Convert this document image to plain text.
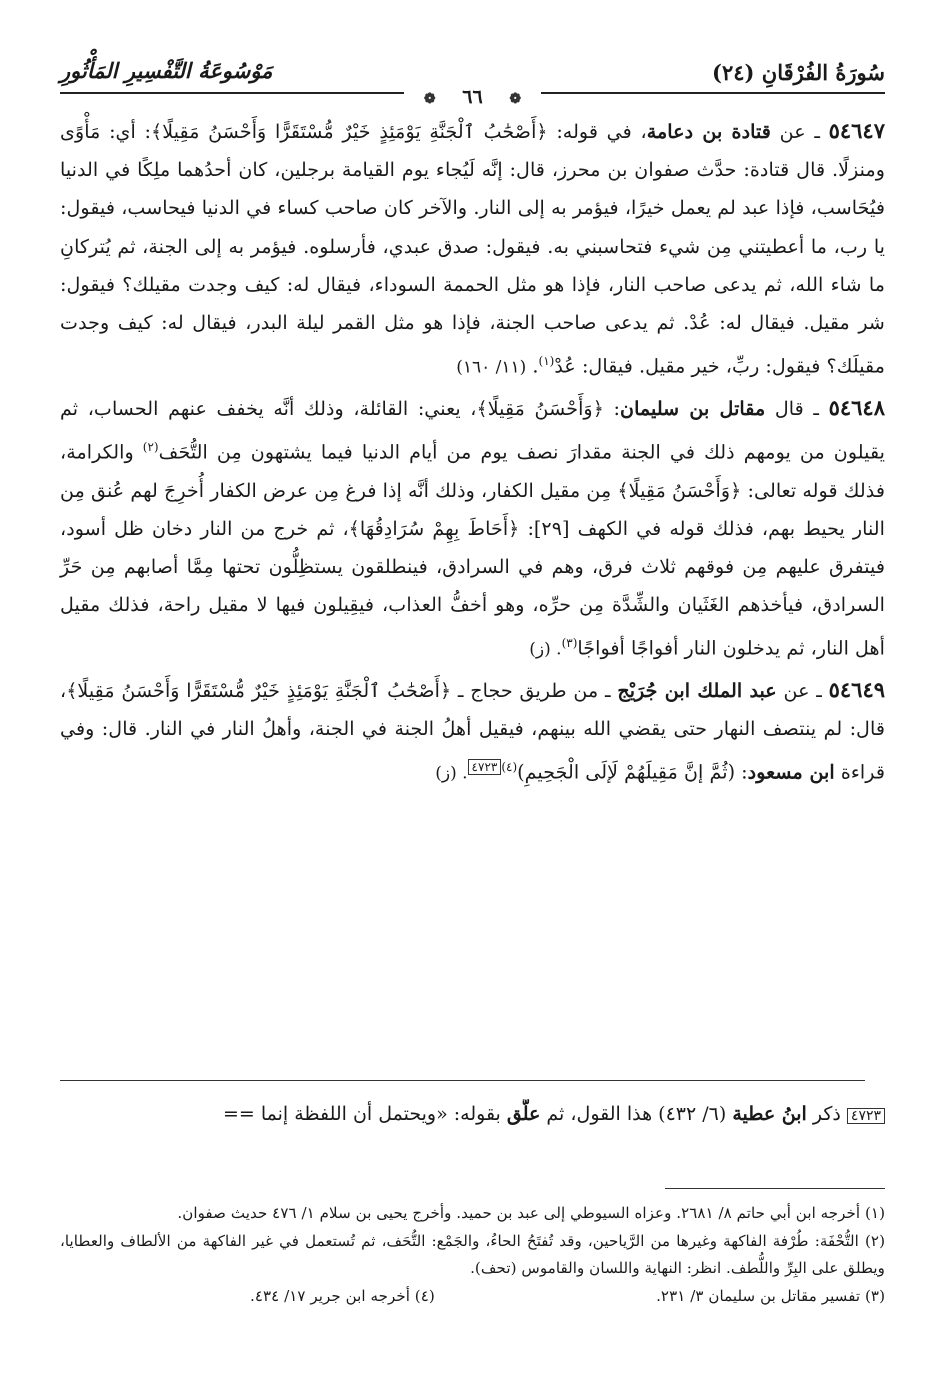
سُورَةُ الفُرْقَانِ (٢٤)
مَوْسُوعَةُ التَّفْسِيرِ المَأْثُورِ
❁ ٦٦ ❁

٥٤٦٤٧ ـ عن قتادة بن دعامة، في قوله: ﴿أَصْحَٰبُ ٱلْجَنَّةِ يَوْمَئِذٍ خَيْرٌ مُّسْتَقَرًّا وَأَحْسَنُ مَقِيلًا﴾: أي: مَأْوًى ومنزلًا. قال قتادة: حدَّث صفوان بن محرز، قال: إنَّه لَيُجاء يوم القيامة برجلين، كان أحدُهما ملِكًا في الدنيا فيُحَاسب، فإذا عبد لم يعمل خيرًا، فيؤمر به إلى النار. والآخر كان صاحب كساء في الدنيا فيحاسب، فيقول: يا رب، ما أعطيتني مِن شيء فتحاسبني به. فيقول: صدق عبدي، فأرسلوه. فيؤمر به إلى الجنة، ثم يُتركانِ ما شاء الله، ثم يدعى صاحب النار، فإذا هو مثل الحممة السوداء، فيقال له: كيف وجدت مقيلك؟ فيقول: شر مقيل. فيقال له: عُدْ. ثم يدعى صاحب الجنة، فإذا هو مثل القمر ليلة البدر، فيقال له: كيف وجدت مقيلَك؟ فيقول: ربِّ، خير مقيل. فيقال: عُدْ$^{(١)}$. (١١/ ١٦٠)

٥٤٦٤٨ ـ قال مقاتل بن سليمان: ﴿وَأَحْسَنُ مَقِيلًا﴾، يعني: القائلة، وذلك أنَّه يخفف عنهم الحساب، ثم يقيلون من يومهم ذلك في الجنة مقدارَ نصف يوم من أيام الدنيا فيما يشتهون مِن التُّحَف$^{(٢)}$ والكرامة، فذلك قوله تعالى: ﴿وَأَحْسَنُ مَقِيلًا﴾ مِن مقيل الكفار، وذلك أنَّه إذا فرغ مِن عرض الكفار أُخرِجَ لهم عُنق مِن النار يحيط بهم، فذلك قوله في الكهف [٢٩]: ﴿أَحَاطَ بِهِمْ سُرَادِقُهَا﴾، ثم خرج من النار دخان ظل أسود، فيتفرق عليهم مِن فوقهم ثلاث فرق، وهم في السرادق، فينطلقون يستظِلُّون تحتها مِمَّا أصابهم مِن حَرِّ السرادق، فيأخذهم الغَثَيان والشِّدَّة مِن حرِّه، وهو أخفُّ العذاب، فيقِيلون فيها لا مقيل راحة، فذلك مقيل أهل النار، ثم يدخلون النار أفواجًا أفواجًا$^{(٣)}$. (ز)

٥٤٦٤٩ ـ عن عبد الملك ابن جُرَيْج ـ من طريق حجاج ـ ﴿أَصْحَٰبُ ٱلْجَنَّةِ يَوْمَئِذٍ خَيْرٌ مُّسْتَقَرًّا وَأَحْسَنُ مَقِيلًا﴾، قال: لم ينتصف النهار حتى يقضي الله بينهم، فيقيل أهلُ الجنة في الجنة، وأهلُ النار في النار. قال: وفي قراءة ابن مسعود: (ثُمَّ إنَّ مَقِيلَهُمْ لَإلَى الْجَحِيمِ)$^{(٤)}$٤٧٢٣. (ز)

٤٧٢٣ ذكر ابنُ عطية (٦/ ٤٣٢) هذا القول، ثم علَّق بقوله: «ويحتمل أن اللفظة إنما ==

(١) أخرجه ابن أبي حاتم ٨/ ٢٦٨١. وعزاه السيوطي إلى عبد بن حميد. وأخرج يحيى بن سلام ١/ ٤٧٦ حديث صفوان.

(٢) التُّحْفَة: طُرْفة الفاكهة وغيرها من الرَّياحين، وقد تُفتَحُ الحاءُ، والجَمْع: التُّحَف، ثم تُستعمل في غير الفاكهة من الألطاف والعطايا، ويطلق على البِرِّ واللُّطف. انظر: النهاية واللسان والقاموس (تحف).

(٣) تفسير مقاتل بن سليمان ٣/ ٢٣١.
(٤) أخرجه ابن جرير ١٧/ ٤٣٤.
